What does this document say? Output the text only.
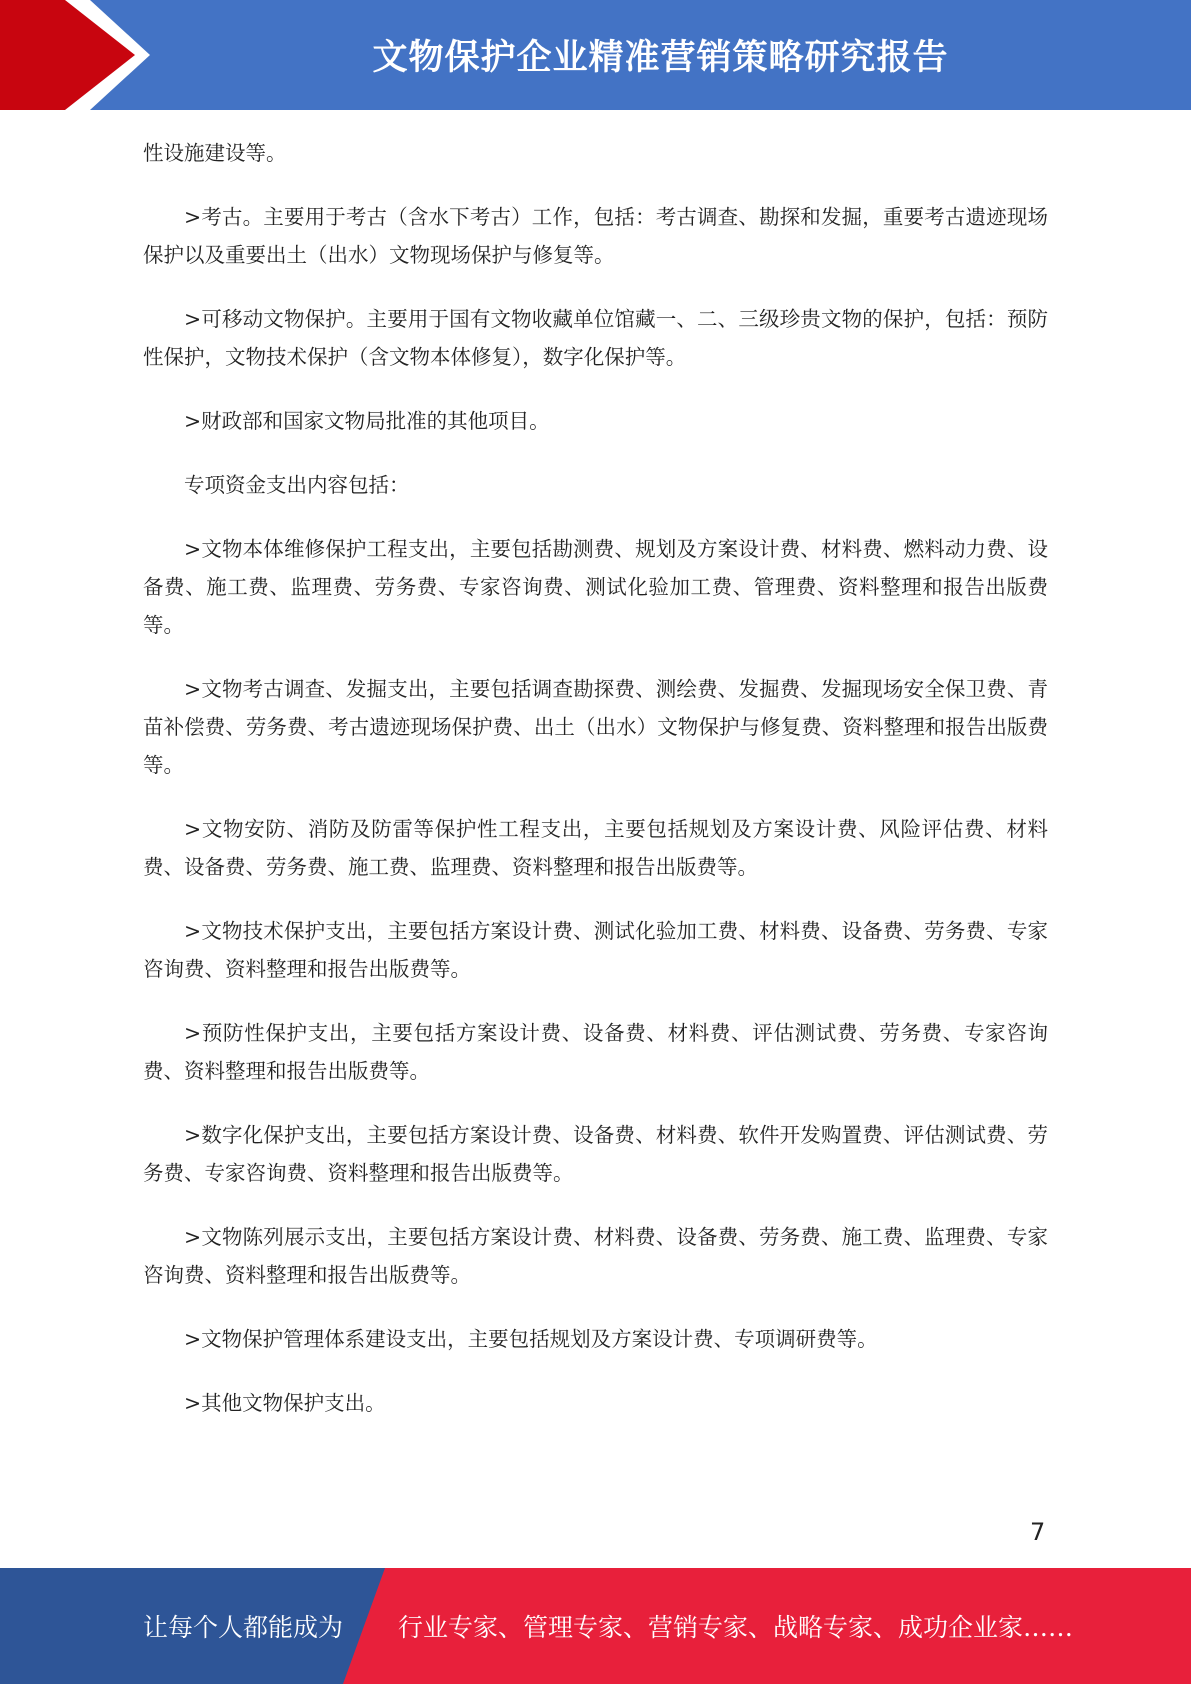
文物保护企业精准营销策略研究报告

性设施建设等。

>考古。主要用于考古（含水下考古）工作，包括：考古调查、勘探和发掘，重要考古遗迹现场保护以及重要出土（出水）文物现场保护与修复等。

>可移动文物保护。主要用于国有文物收藏单位馆藏一、二、三级珍贵文物的保护，包括：预防性保护，文物技术保护（含文物本体修复），数字化保护等。

>财政部和国家文物局批准的其他项目。

专项资金支出内容包括：

>文物本体维修保护工程支出，主要包括勘测费、规划及方案设计费、材料费、燃料动力费、设备费、施工费、监理费、劳务费、专家咨询费、测试化验加工费、管理费、资料整理和报告出版费等。

>文物考古调查、发掘支出，主要包括调查勘探费、测绘费、发掘费、发掘现场安全保卫费、青苗补偿费、劳务费、考古遗迹现场保护费、出土（出水）文物保护与修复费、资料整理和报告出版费等。

>文物安防、消防及防雷等保护性工程支出，主要包括规划及方案设计费、风险评估费、材料费、设备费、劳务费、施工费、监理费、资料整理和报告出版费等。

>文物技术保护支出，主要包括方案设计费、测试化验加工费、材料费、设备费、劳务费、专家咨询费、资料整理和报告出版费等。

>预防性保护支出，主要包括方案设计费、设备费、材料费、评估测试费、劳务费、专家咨询费、资料整理和报告出版费等。

>数字化保护支出，主要包括方案设计费、设备费、材料费、软件开发购置费、评估测试费、劳务费、专家咨询费、资料整理和报告出版费等。

>文物陈列展示支出，主要包括方案设计费、材料费、设备费、劳务费、施工费、监理费、专家咨询费、资料整理和报告出版费等。

>文物保护管理体系建设支出，主要包括规划及方案设计费、专项调研费等。

>其他文物保护支出。

7
让每个人都能成为 行业专家、管理专家、营销专家、战略专家、成功企业家……
